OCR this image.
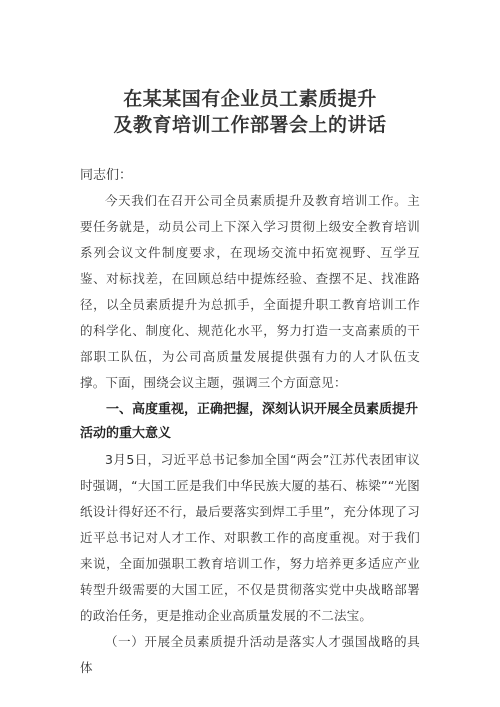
在某某国有企业员工素质提升
及教育培训工作部署会上的讲话

同志们：

今天我们在召开公司全员素质提升及教育培训工作。主要任务就是，动员公司上下深入学习贯彻上级安全教育培训系列会议文件制度要求，在现场交流中拓宽视野、互学互鉴、对标找差，在回顾总结中提炼经验、查摆不足、找准路径，以全员素质提升为总抓手，全面提升职工教育培训工作的科学化、制度化、规范化水平，努力打造一支高素质的干部职工队伍，为公司高质量发展提供强有力的人才队伍支撑。下面，围绕会议主题，强调三个方面意见：

一、高度重视，正确把握，深刻认识开展全员素质提升活动的重大意义

3月5日，习近平总书记参加全国“两会”江苏代表团审议时强调，“大国工匠是我们中华民族大厦的基石、栋梁”“光图纸设计得好还不行，最后要落实到焊工手里”，充分体现了习近平总书记对人才工作、对职教工作的高度重视。对于我们来说，全面加强职工教育培训工作，努力培养更多适应产业转型升级需要的大国工匠，不仅是贯彻落实党中央战略部署的政治任务，更是推动企业高质量发展的不二法宝。

（一）开展全员素质提升活动是落实人才强国战略的具体
